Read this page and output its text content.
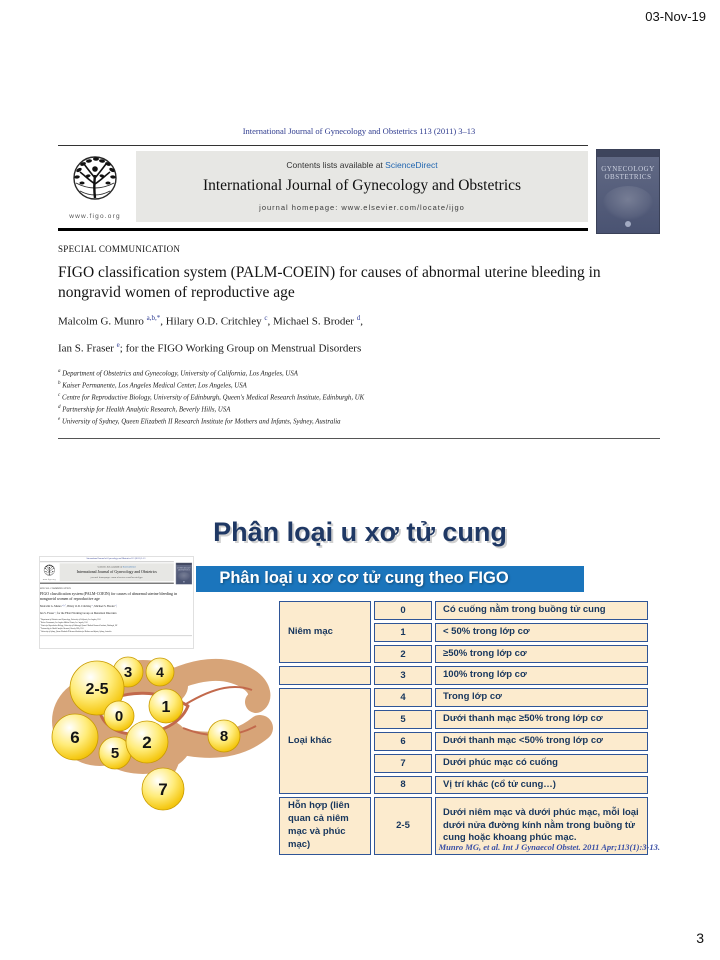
03-Nov-19
International Journal of Gynecology and Obstetrics 113 (2011) 3–13
www.figo.org
Contents lists available at ScienceDirect
International Journal of Gynecology and Obstetrics
journal homepage: www.elsevier.com/locate/ijgo
GYNECOLOGY
OBSTETRICS
SPECIAL COMMUNICATION
FIGO classification system (PALM-COEIN) for causes of abnormal uterine bleeding in nongravid women of reproductive age
Malcolm G. Munro $^{a,b,*}$, Hilary O.D. Critchley $^c$, Michael S. Broder $^d$,
Ian S. Fraser $^e$; for the FIGO Working Group on Menstrual Disorders
$^a$ Department of Obstetrics and Gynecology, University of California, Los Angeles, USA
$^b$ Kaiser Permanente, Los Angeles Medical Center, Los Angeles, USA
$^c$ Centre for Reproductive Biology, University of Edinburgh, Queen's Medical Research Institute, Edinburgh, UK
$^d$ Partnership for Health Analytic Research, Beverly Hills, USA
$^e$ University of Sydney, Queen Elizabeth II Research Institute for Mothers and Infants, Sydney, Australia
Phân loại u xơ tử cung
Phân loại u xơ cơ tử cung theo FIGO
International Journal of Gynecology and Obstetrics 113 (2011) 3–13
www.figo.org
Contents lists available at ScienceDirect
International Journal of Gynecology and Obstetrics
journal homepage: www.elsevier.com/locate/ijgo
GYNECOLOGY
OBSTETRICS
SPECIAL COMMUNICATION
FIGO classification system (PALM-COEIN) for causes of abnormal uterine bleeding in nongravid women of reproductive age
Malcolm G. Munro $^{a,b,*}$, Hilary O.D. Critchley $^c$, Michael S. Broder $^d$,
Ian S. Fraser $^e$; for the FIGO Working Group on Menstrual Disorders
$^a$ Department of Obstetrics and Gynecology, University of California, Los Angeles, USA
$^b$ Kaiser Permanente, Los Angeles Medical Center, Los Angeles, USA
$^c$ Centre for Reproductive Biology, University of Edinburgh, Queen's Medical Research Institute, Edinburgh, UK
$^d$ Partnership for Health Analytic Research, Beverly Hills, USA
$^e$ University of Sydney, Queen Elizabeth II Research Institute for Mothers and Infants, Sydney, Australia
3 4
1
2-5
0
6
5
2	8
7
Niêm mạc	0	Có cuống nằm trong buồng tử cung
	1	< 50% trong lớp cơ
	2	≥50% trong lớp cơ
	3	100% trong lớp cơ
Loại khác	4	Trong lớp cơ
	5	Dưới thanh mạc ≥50% trong lớp cơ
	6	Dưới thanh mạc <50% trong lớp cơ
	7	Dưới phúc mạc có cuống
	8	Vị trí khác (cổ tử cung…)
Hỗn hợp (liên quan cả niêm mạc và phúc mạc)	2-5	Dưới niêm mạc và dưới phúc mạc, mỗi loại dưới nửa đường kính nằm trong buồng tử cung hoặc khoang phúc mạc.
Munro MG, et al. Int J Gynaecol Obstet. 2011 Apr;113(1):3-13.
3
